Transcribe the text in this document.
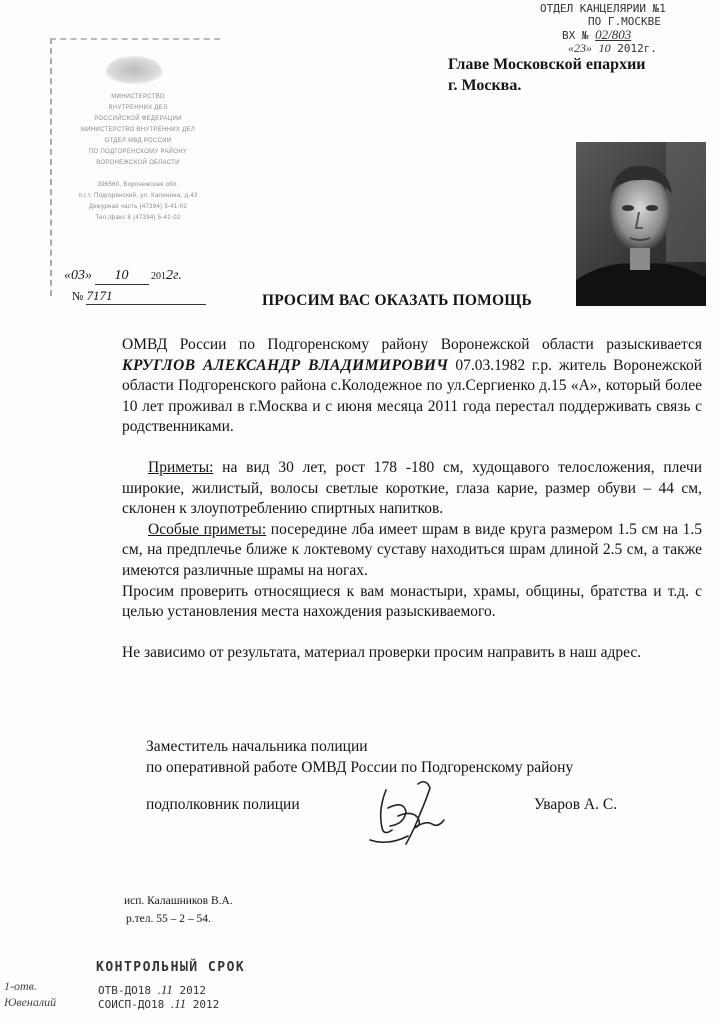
ОТДЕЛ КАНЦЕЛЯРИИ №1
ПО Г.МОСКВЕ
ВХ № 02/803
«23» 10 2012г.
Главе Московской епархии
г. Москва.
МИНИСТЕРСТВО
ВНУТРЕННИХ ДЕЛ
РОССИЙСКОЙ ФЕДЕРАЦИИ
МИНИСТЕРСТВО ВНУТРЕННИХ ДЕЛ
ОТДЕЛ МВД РОССИИ
ПО ПОДГОРЕНСКОМУ РАЙОНУ
ВОРОНЕЖСКОЙ ОБЛАСТИ

396560, Воронежская обл.
п.г.т. Подгоренский, ул. Калинина, д.43
Дежурная часть (47394) 5-41-02
Тел./факс 8 (47394) 5-41-02
«03» 10 2012г.
№ 7171	ПРОСИМ ВАС ОКАЗАТЬ ПОМОЩЬ

ОМВД России по Подгоренскому району Воронежской области разыскивается КРУГЛОВ АЛЕКСАНДР ВЛАДИМИРОВИЧ 07.03.1982 г.р. житель Воронежской области Подгоренского района с.Колодежное по ул.Сергиенко д.15 «А», который более 10 лет проживал в г.Москва и с июня месяца 2011 года перестал поддерживать связь с родственниками.

Приметы: на вид 30 лет, рост 178 -180 см, худощавого телосложения, плечи широкие, жилистый, волосы светлые короткие, глаза карие, размер обуви – 44 см, склонен к злоупотреблению спиртных напитков.

Особые приметы: посередине лба имеет шрам в виде круга размером 1.5 см на 1.5 см, на предплечье ближе к локтевому суставу находиться шрам длиной 2.5 см, а также имеются различные шрамы на ногах.

Просим проверить относящиеся к вам монастыри, храмы, общины, братства и т.д. с целью установления места нахождения разыскиваемого.

Не зависимо от результата, материал проверки просим направить в наш адрес.

Заместитель начальника полиции
по оперативной работе ОМВД России по Подгоренскому району
подполковник полиции	Уваров А. С.
исп. Калашников В.А.
р.тел. 55 – 2 – 54.
КОНТРОЛЬНЫЙ СРОК
ОТВ-ДО18 .11 2012
СОИСП-ДО18 .11 2012
1-отв.
Ювеналий
